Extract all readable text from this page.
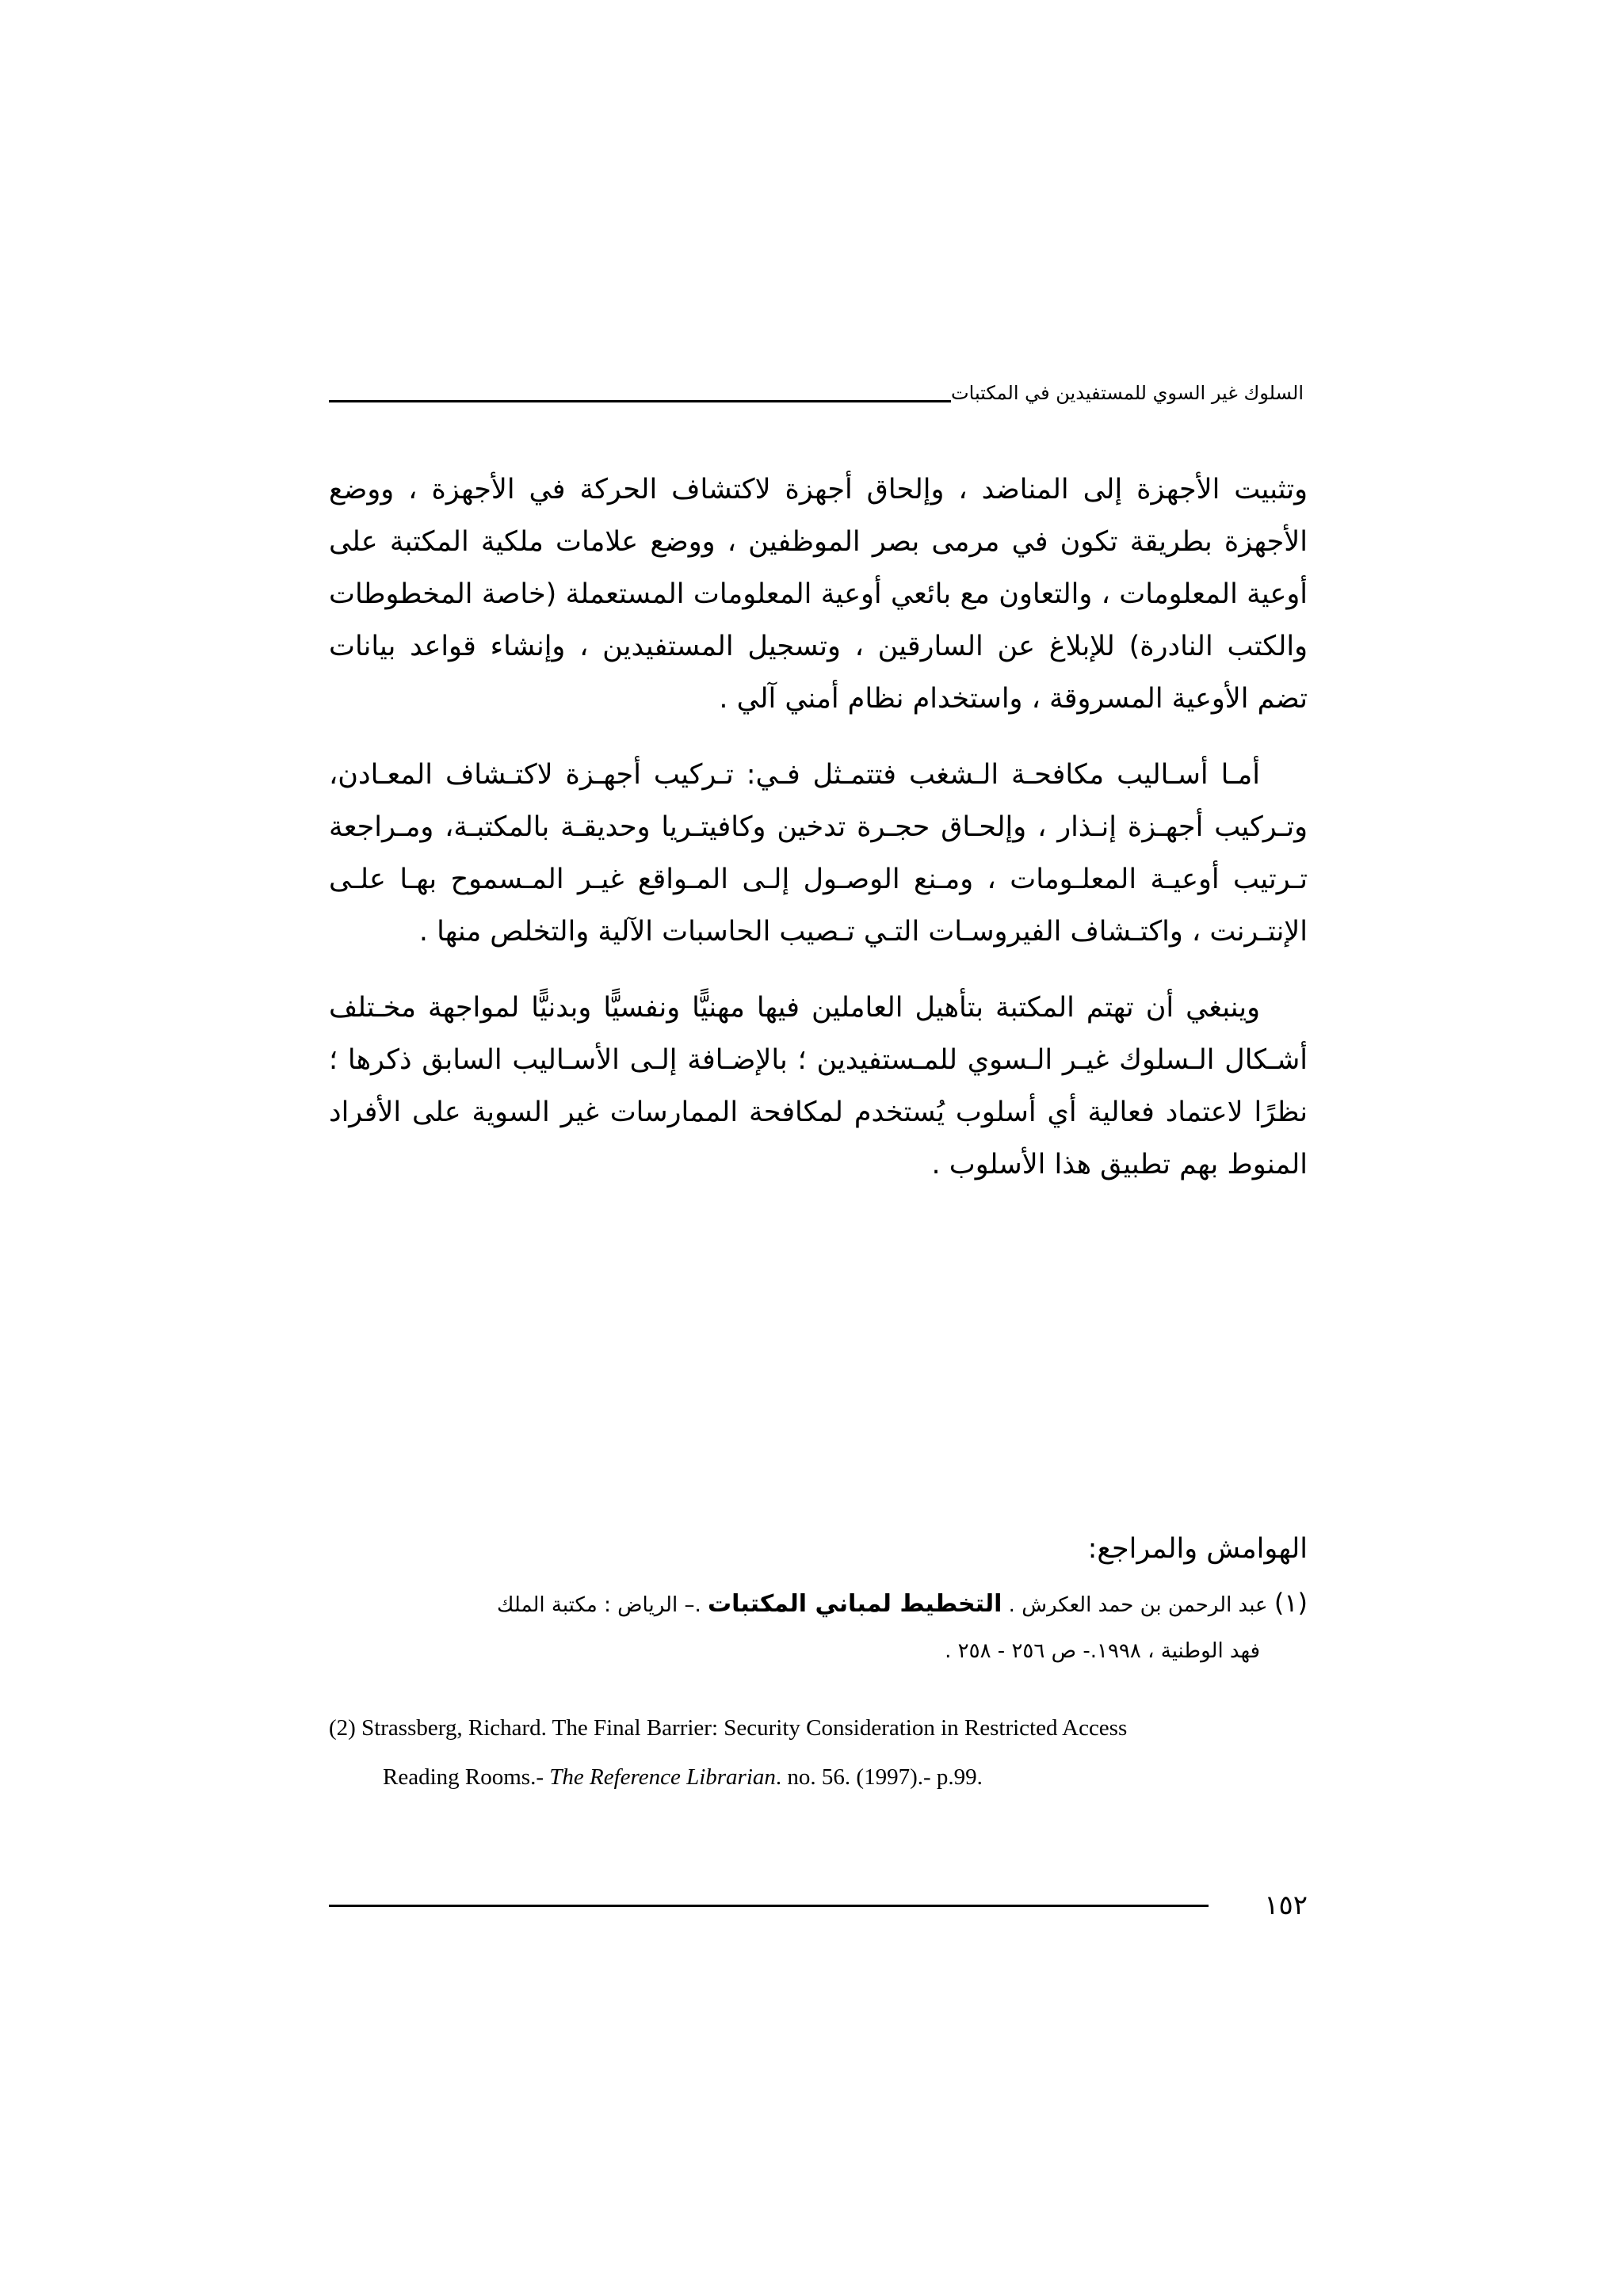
السلوك غير السوي للمستفيدين في المكتبات

وتثبيت الأجهزة إلى المناضد ، وإلحاق أجهزة لاكتشاف الحركة في الأجهزة ، ووضع الأجهزة بطريقة تكون في مرمى بصر الموظفين ، ووضع علامات ملكية المكتبة على أوعية المعلومات ، والتعاون مع بائعي أوعية المعلومات المستعملة (خاصة المخطوطات والكتب النادرة) للإبلاغ عن السارقين ، وتسجيل المستفيدين ، وإنشاء قواعد بيانات تضم الأوعية المسروقة ، واستخدام نظام أمني آلي .

أمـا أسـاليب مكافحـة الـشغب فتتمـثل فـي: تـركيب أجهـزة لاكتـشاف المعـادن، وتـركيب أجهـزة إنـذار ، وإلحـاق حجـرة تدخين وكافيتـريا وحديقـة بالمكتبـة، ومـراجعة تـرتيب أوعيـة المعلـومات ، ومـنع الوصـول إلـى المـواقع غيـر المـسموح بهـا علـى الإنتـرنت ، واكتـشاف الفيروسـات التـي تـصيب الحاسبات الآلية والتخلص منها .

وينبغي أن تهتم المكتبة بتأهيل العاملين فيها مهنيًّا ونفسيًّا وبدنيًّا لمواجهة مخـتلف أشـكال الـسلوك غيـر الـسوي للمـستفيدين ؛ بالإضـافة إلـى الأسـاليب السابق ذكرها ؛ نظرًا لاعتماد فعالية أي أسلوب يُستخدم لمكافحة الممارسات غير السوية على الأفراد المنوط بهم تطبيق هذا الأسلوب .

الهوامش والمراجع:
(١) عبد الرحمن بن حمد العكرش . التخطيط لمباني المكتبات .– الرياض : مكتبة الملك
فهد الوطنية ، ١٩٩٨.- ص ٢٥٦ - ٢٥٨ .
(2) Strassberg, Richard. The Final Barrier: Security Consideration in Restricted Access
Reading Rooms.- The Reference Librarian. no. 56. (1997).- p.99.
١٥٢
